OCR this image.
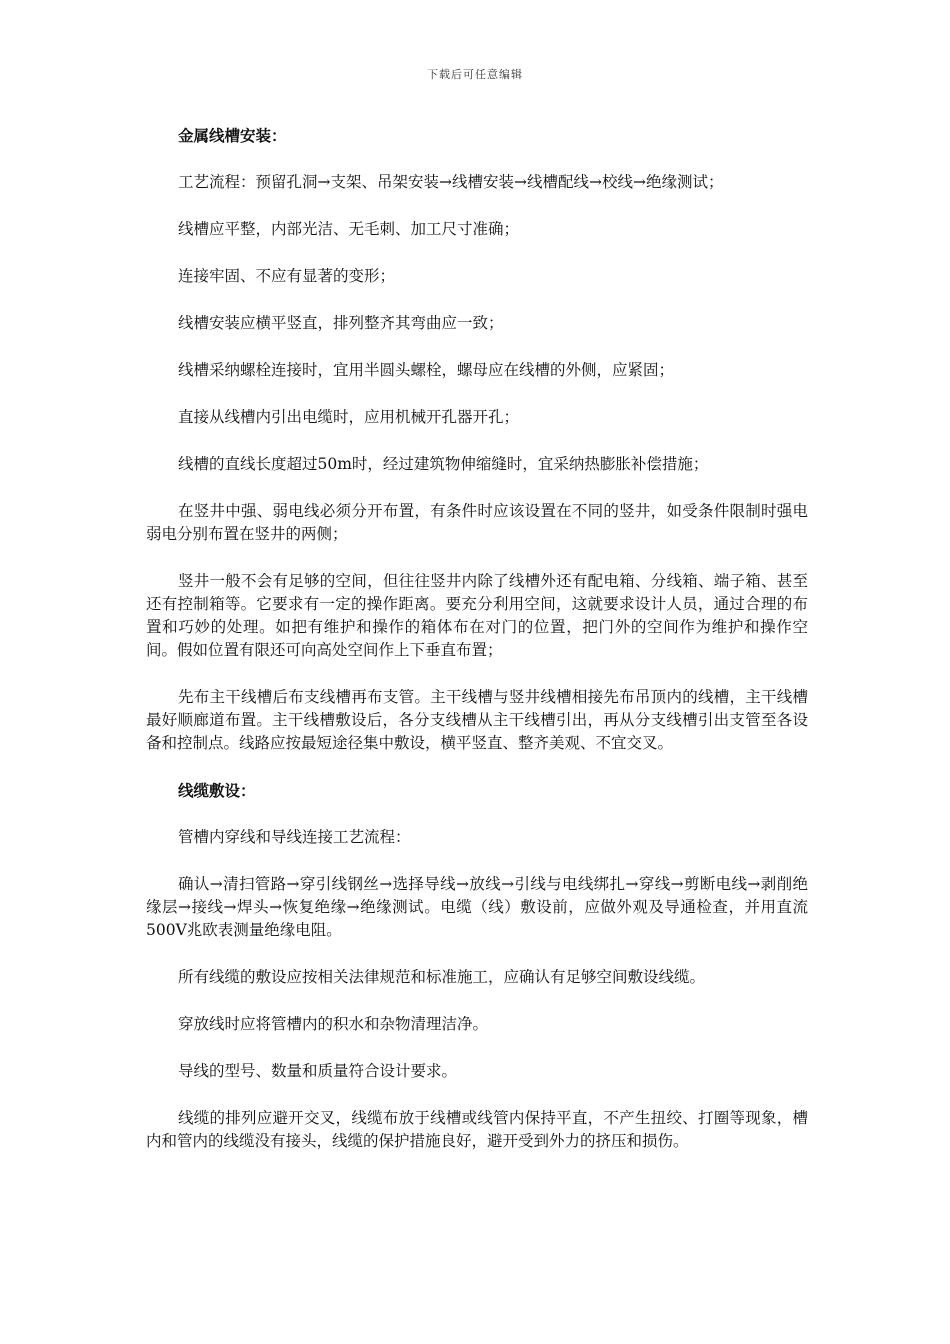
下载后可任意编辑
金属线槽安装：

工艺流程：预留孔洞→支架、吊架安装→线槽安装→线槽配线→校线→绝缘测试；

线槽应平整，内部光洁、无毛刺、加工尺寸准确；

连接牢固、不应有显著的变形；

线槽安装应横平竖直，排列整齐其弯曲应一致；

线槽采纳螺栓连接时，宜用半圆头螺栓，螺母应在线槽的外侧，应紧固；

直接从线槽内引出电缆时，应用机械开孔器开孔；

线槽的直线长度超过50m时，经过建筑物伸缩缝时，宜采纳热膨胀补偿措施；

在竖井中强、弱电线必须分开布置，有条件时应该设置在不同的竖井，如受条件限制时强电弱电分别布置在竖井的两侧；

竖井一般不会有足够的空间，但往往竖井内除了线槽外还有配电箱、分线箱、端子箱、甚至还有控制箱等。它要求有一定的操作距离。要充分利用空间，这就要求设计人员，通过合理的布置和巧妙的处理。如把有维护和操作的箱体布在对门的位置，把门外的空间作为维护和操作空间。假如位置有限还可向高处空间作上下垂直布置；

先布主干线槽后布支线槽再布支管。主干线槽与竖井线槽相接先布吊顶内的线槽，主干线槽最好顺廊道布置。主干线槽敷设后，各分支线槽从主干线槽引出，再从分支线槽引出支管至各设备和控制点。线路应按最短途径集中敷设，横平竖直、整齐美观、不宜交叉。

线缆敷设：

管槽内穿线和导线连接工艺流程：

确认→清扫管路→穿引线钢丝→选择导线→放线→引线与电线绑扎→穿线→剪断电线→剥削绝缘层→接线→焊头→恢复绝缘→绝缘测试。电缆（线）敷设前，应做外观及导通检查，并用直流500V兆欧表测量绝缘电阻。

所有线缆的敷设应按相关法律规范和标准施工，应确认有足够空间敷设线缆。

穿放线时应将管槽内的积水和杂物清理洁净。

导线的型号、数量和质量符合设计要求。

线缆的排列应避开交叉，线缆布放于线槽或线管内保持平直，不产生扭绞、打圈等现象，槽内和管内的线缆没有接头，线缆的保护措施良好，避开受到外力的挤压和损伤。
